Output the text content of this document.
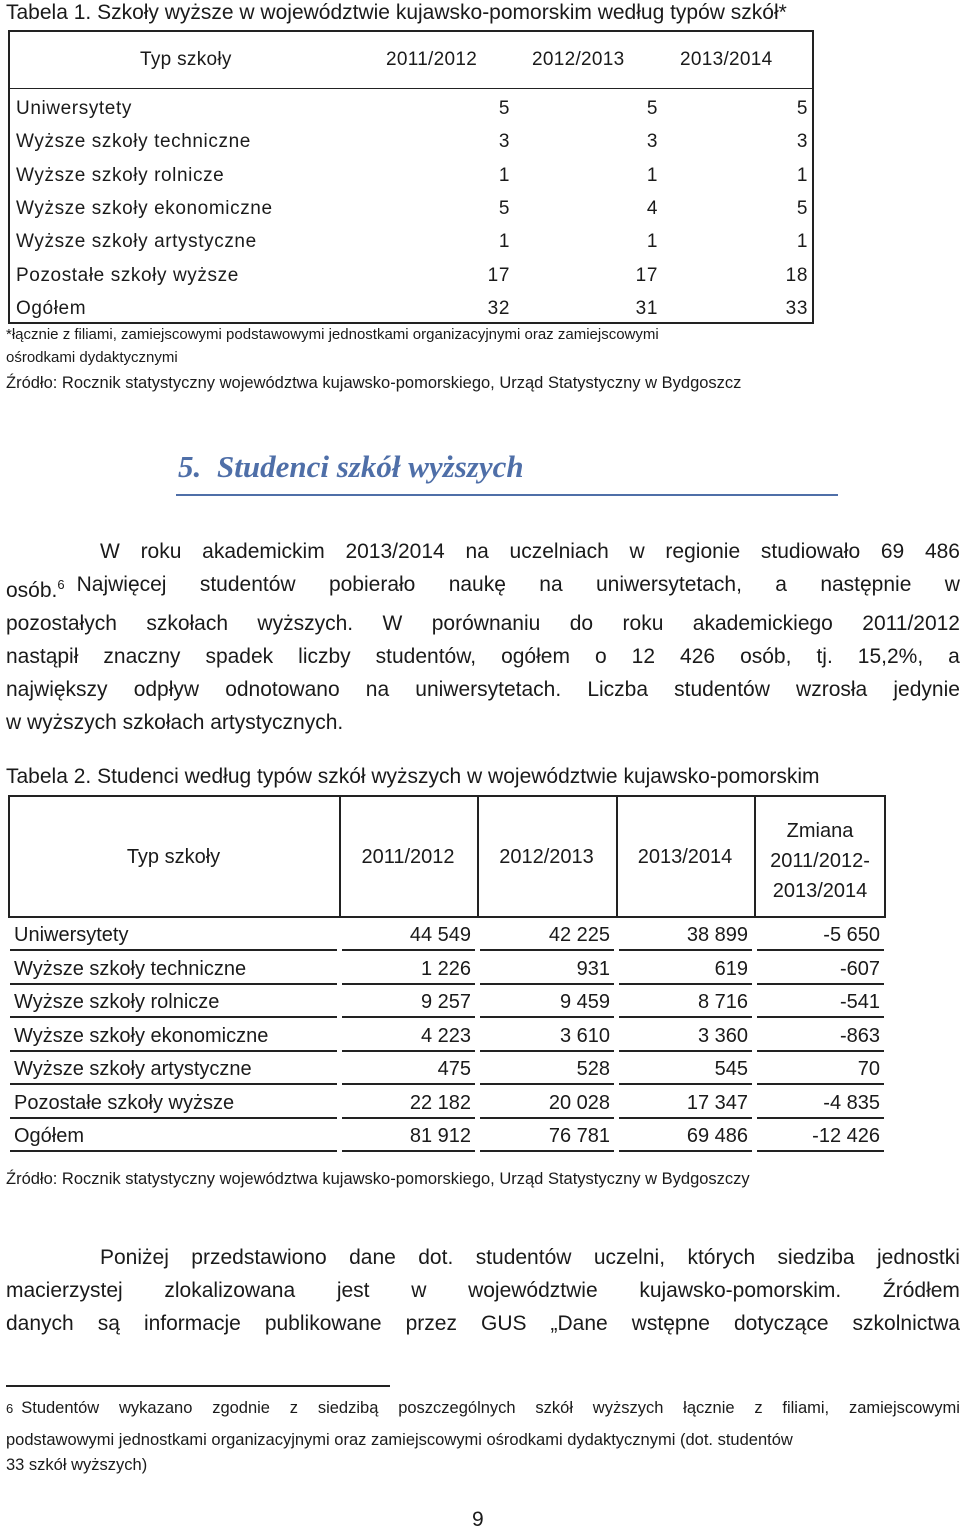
Tabela 1. Szkoły wyższe w województwie kujawsko-pomorskim według typów szkół*
Typ szkoły	2011/2012	2012/2013	2013/2014
Uniwersytety	5	5	5
Wyższe szkoły techniczne	3	3	3
Wyższe szkoły rolnicze	1	1	1
Wyższe szkoły ekonomiczne	5	4	5
Wyższe szkoły artystyczne	1	1	1
Pozostałe szkoły wyższe	17	17	18
Ogółem	32	31	33
*łącznie z filiami, zamiejscowymi podstawowymi jednostkami organizacyjnymi oraz zamiejscowymi
ośrodkami dydaktycznymi
Źródło: Rocznik statystyczny województwa kujawsko-pomorskiego, Urząd Statystyczny w Bydgoszcz
5. Studenci szkół wyższych
W roku akademickim 2013/2014 na uczelniach w regionie studiowało 69 486
osób.$^6$ Najwięcej studentów pobierało naukę na uniwersytetach, a następnie w
pozostałych szkołach wyższych. W porównaniu do roku akademickiego 2011/2012
nastąpił znaczny spadek liczby studentów, ogółem o 12 426 osób, tj. 15,2%, a
największy odpływ odnotowano na uniwersytetach. Liczba studentów wzrosła jedynie
w wyższych szkołach artystycznych.
Tabela 2. Studenci według typów szkół wyższych w województwie kujawsko-pomorskim
Typ szkoły	2011/2012	2012/2013	2013/2014
Zmiana
2011/2012-
2013/2014
Uniwersytety	44 549	42 225	38 899	-5 650
Wyższe szkoły techniczne	1 226	931	619	-607
Wyższe szkoły rolnicze	9 257	9 459	8 716	-541
Wyższe szkoły ekonomiczne	4 223	3 610	3 360	-863
Wyższe szkoły artystyczne	475	528	545	70
Pozostałe szkoły wyższe	22 182	20 028	17 347	-4 835
Ogółem	81 912	76 781	69 486	-12 426
Źródło: Rocznik statystyczny województwa kujawsko-pomorskiego, Urząd Statystyczny w Bydgoszczy
Poniżej przedstawiono dane dot. studentów uczelni, których siedziba jednostki
macierzystej zlokalizowana jest w województwie kujawsko-pomorskim. Źródłem
danych są informacje publikowane przez GUS „Dane wstępne dotyczące szkolnictwa
$^6$ Studentów wykazano zgodnie z siedzibą poszczególnych szkół wyższych łącznie z filiami, zamiejscowymi
podstawowymi jednostkami organizacyjnymi oraz zamiejscowymi ośrodkami dydaktycznymi (dot. studentów
33 szkół wyższych)
9
